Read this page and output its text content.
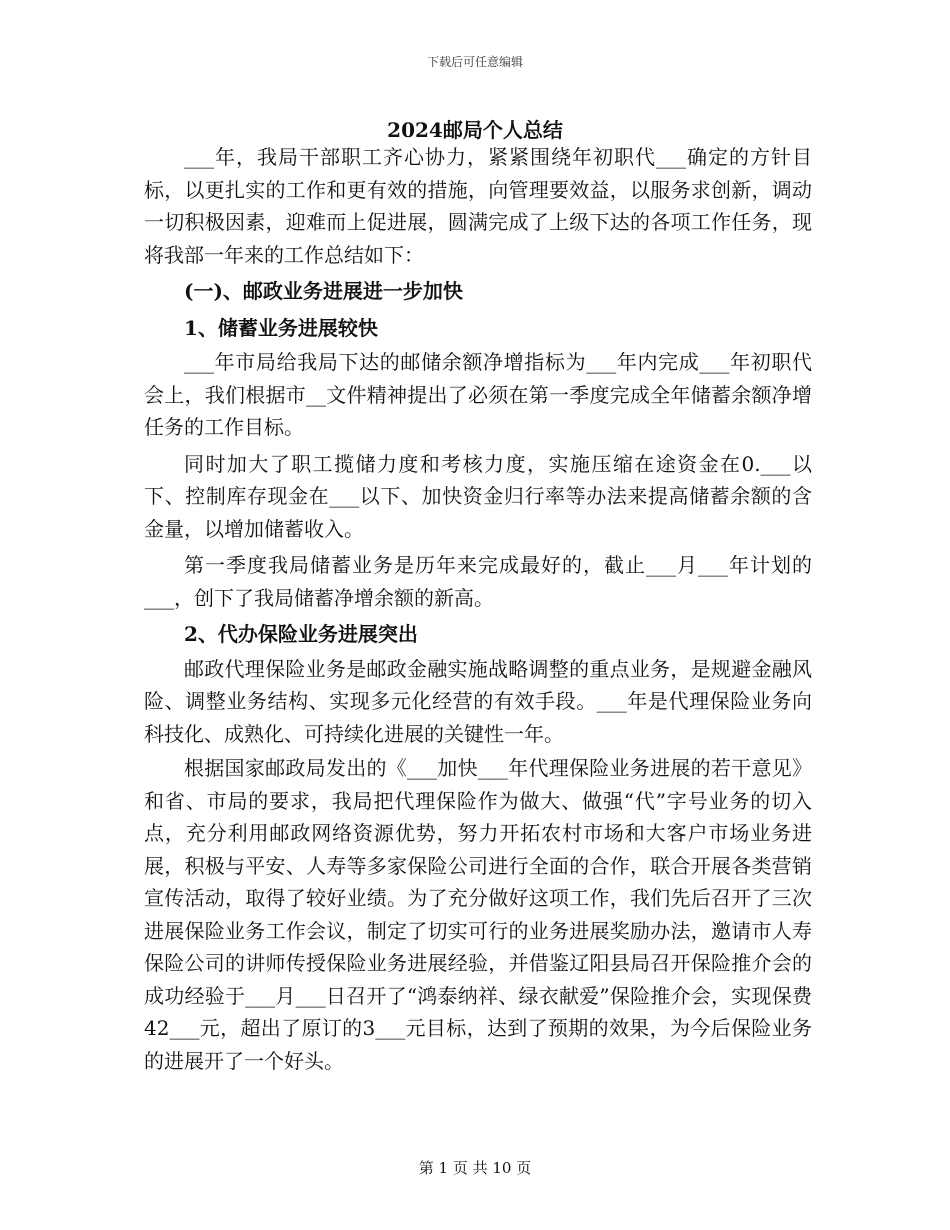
下载后可任意编辑
2024邮局个人总结

___年，我局干部职工齐心协力，紧紧围绕年初职代___确定的方针目标，以更扎实的工作和更有效的措施，向管理要效益，以服务求创新，调动一切积极因素，迎难而上促进展，圆满完成了上级下达的各项工作任务，现将我部一年来的工作总结如下：

(一)、邮政业务进展进一步加快

1、储蓄业务进展较快

___年市局给我局下达的邮储余额净增指标为___年内完成___年初职代会上，我们根据市__文件精神提出了必须在第一季度完成全年储蓄余额净增任务的工作目标。

同时加大了职工揽储力度和考核力度，实施压缩在途资金在0.___以下、控制库存现金在___以下、加快资金归行率等办法来提高储蓄余额的含金量，以增加储蓄收入。

第一季度我局储蓄业务是历年来完成最好的，截止___月___年计划的___，创下了我局储蓄净增余额的新高。

2、代办保险业务进展突出

邮政代理保险业务是邮政金融实施战略调整的重点业务，是规避金融风险、调整业务结构、实现多元化经营的有效手段。___年是代理保险业务向科技化、成熟化、可持续化进展的关键性一年。

根据国家邮政局发出的《___加快___年代理保险业务进展的若干意见》和省、市局的要求，我局把代理保险作为做大、做强“代”字号业务的切入点，充分利用邮政网络资源优势，努力开拓农村市场和大客户市场业务进展，积极与平安、人寿等多家保险公司进行全面的合作，联合开展各类营销宣传活动，取得了较好业绩。为了充分做好这项工作，我们先后召开了三次进展保险业务工作会议，制定了切实可行的业务进展奖励办法，邀请市人寿保险公司的讲师传授保险业务进展经验，并借鉴辽阳县局召开保险推介会的成功经验于___月___日召开了“鸿泰纳祥、绿衣献爱”保险推介会，实现保费42___元，超出了原订的3___元目标，达到了预期的效果，为今后保险业务的进展开了一个好头。

第 1 页 共 10 页
